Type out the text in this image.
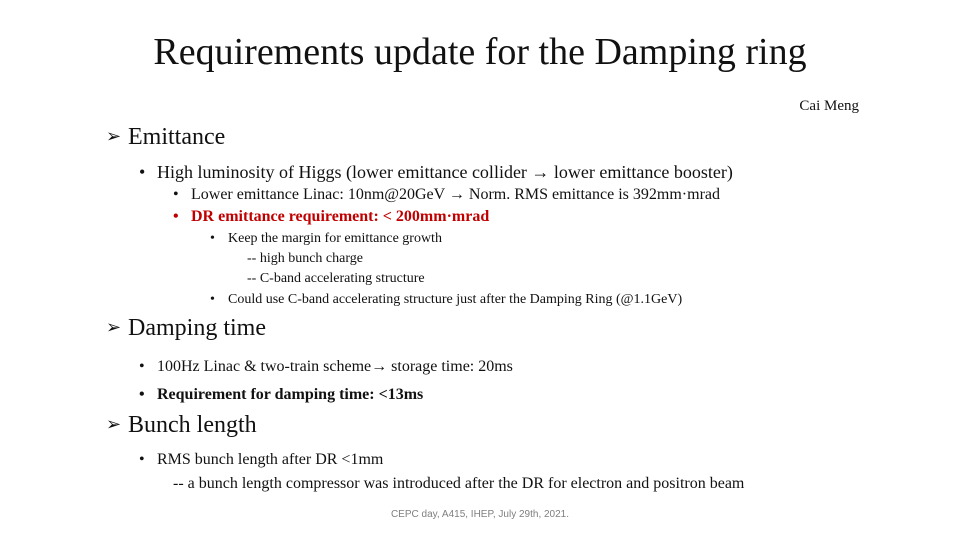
Requirements update for the Damping ring
Cai Meng
➢ Emittance
• High luminosity of Higgs (lower emittance collider → lower emittance booster)
• Lower emittance Linac: 10nm@20GeV → Norm. RMS emittance is 392mm·mrad
• DR emittance requirement: < 200mm·mrad
• Keep the margin for emittance growth
-- high bunch charge
-- C-band accelerating structure
• Could use C-band accelerating structure just after the Damping Ring (@1.1GeV)
➢ Damping time
• 100Hz Linac & two-train scheme→ storage time: 20ms
• Requirement for damping time: <13ms
➢ Bunch length
• RMS bunch length after DR <1mm
-- a bunch length compressor was introduced after the DR for electron and positron beam
CEPC day, A415, IHEP, July 29th, 2021.
